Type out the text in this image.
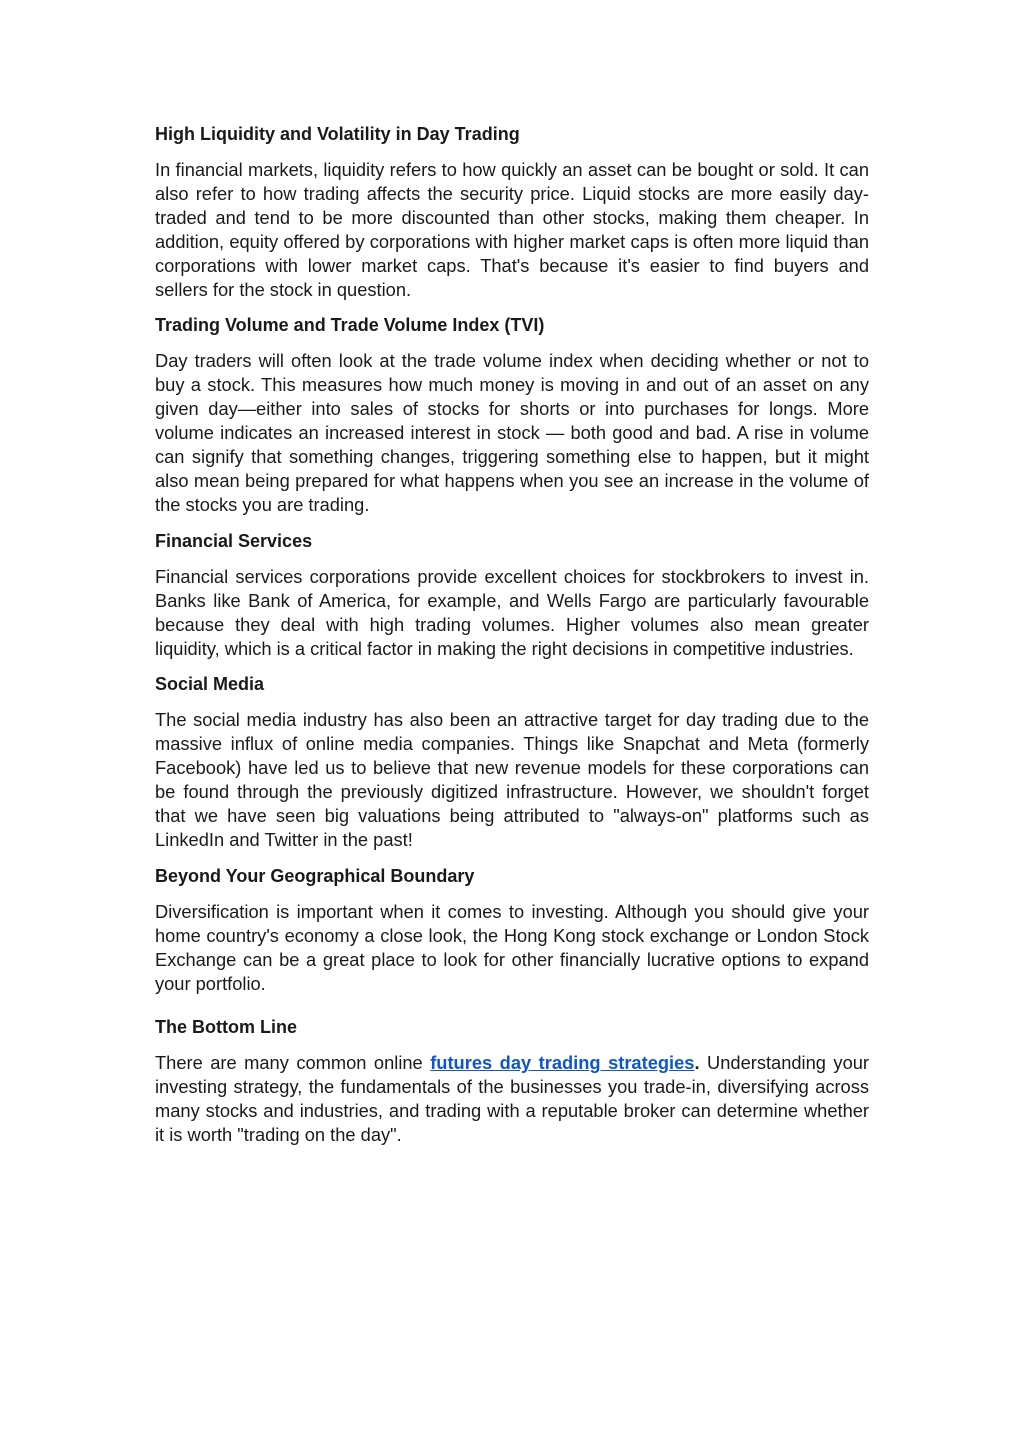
High Liquidity and Volatility in Day Trading

In financial markets, liquidity refers to how quickly an asset can be bought or sold. It can also refer to how trading affects the security price. Liquid stocks are more easily day-traded and tend to be more discounted than other stocks, making them cheaper. In addition, equity offered by corporations with higher market caps is often more liquid than corporations with lower market caps. That's because it's easier to find buyers and sellers for the stock in question.

Trading Volume and Trade Volume Index (TVI)

Day traders will often look at the trade volume index when deciding whether or not to buy a stock. This measures how much money is moving in and out of an asset on any given day—either into sales of stocks for shorts or into purchases for longs. More volume indicates an increased interest in stock — both good and bad. A rise in volume can signify that something changes, triggering something else to happen, but it might also mean being prepared for what happens when you see an increase in the volume of the stocks you are trading.

Financial Services

Financial services corporations provide excellent choices for stockbrokers to invest in. Banks like Bank of America, for example, and Wells Fargo are particularly favourable because they deal with high trading volumes. Higher volumes also mean greater liquidity, which is a critical factor in making the right decisions in competitive industries.

Social Media

The social media industry has also been an attractive target for day trading due to the massive influx of online media companies. Things like Snapchat and Meta (formerly Facebook) have led us to believe that new revenue models for these corporations can be found through the previously digitized infrastructure. However, we shouldn't forget that we have seen big valuations being attributed to "always-on" platforms such as LinkedIn and Twitter in the past!

Beyond Your Geographical Boundary

Diversification is important when it comes to investing. Although you should give your home country's economy a close look, the Hong Kong stock exchange or London Stock Exchange can be a great place to look for other financially lucrative options to expand your portfolio.

The Bottom Line

There are many common online futures day trading strategies. Understanding your investing strategy, the fundamentals of the businesses you trade-in, diversifying across many stocks and industries, and trading with a reputable broker can determine whether it is worth "trading on the day".
